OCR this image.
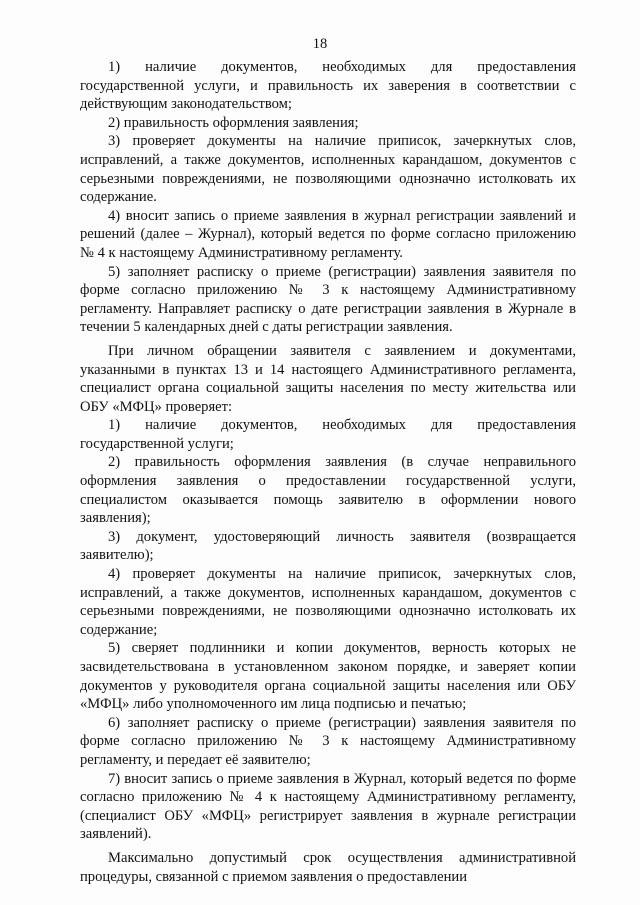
18

1) наличие документов, необходимых для предоставления государственной услуги, и правильность их заверения в соответствии с действующим законодательством;

2) правильность оформления заявления;

3) проверяет документы на наличие приписок, зачеркнутых слов, исправлений, а также документов, исполненных карандашом, документов с серьезными повреждениями, не позволяющими однозначно истолковать их содержание.

4) вносит запись о приеме заявления в журнал регистрации заявлений и решений (далее – Журнал), который ведется по форме согласно приложению № 4 к настоящему Административному регламенту.

5) заполняет расписку о приеме (регистрации) заявления заявителя по форме согласно приложению № 3 к настоящему Административному регламенту. Направляет расписку о дате регистрации заявления в Журнале в течении 5 календарных дней с даты регистрации заявления.

При личном обращении заявителя с заявлением и документами, указанными в пунктах 13 и 14 настоящего Административного регламента, специалист органа социальной защиты населения по месту жительства или ОБУ «МФЦ» проверяет:

1) наличие документов, необходимых для предоставления государственной услуги;

2) правильность оформления заявления (в случае неправильного оформления заявления о предоставлении государственной услуги, специалистом оказывается помощь заявителю в оформлении нового заявления);

3) документ, удостоверяющий личность заявителя (возвращается заявителю);

4) проверяет документы на наличие приписок, зачеркнутых слов, исправлений, а также документов, исполненных карандашом, документов с серьезными повреждениями, не позволяющими однозначно истолковать их содержание;

5) сверяет подлинники и копии документов, верность которых не засвидетельствована в установленном законом порядке, и заверяет копии документов у руководителя органа социальной защиты населения или ОБУ «МФЦ» либо уполномоченного им лица подписью и печатью;

6) заполняет расписку о приеме (регистрации) заявления заявителя по форме согласно приложению № 3 к настоящему Административному регламенту, и передает её заявителю;

7) вносит запись о приеме заявления в Журнал, который ведется по форме согласно приложению № 4 к настоящему Административному регламенту, (специалист ОБУ «МФЦ» регистрирует заявления в журнале регистрации заявлений).

Максимально допустимый срок осуществления административной процедуры, связанной с приемом заявления о предоставлении
